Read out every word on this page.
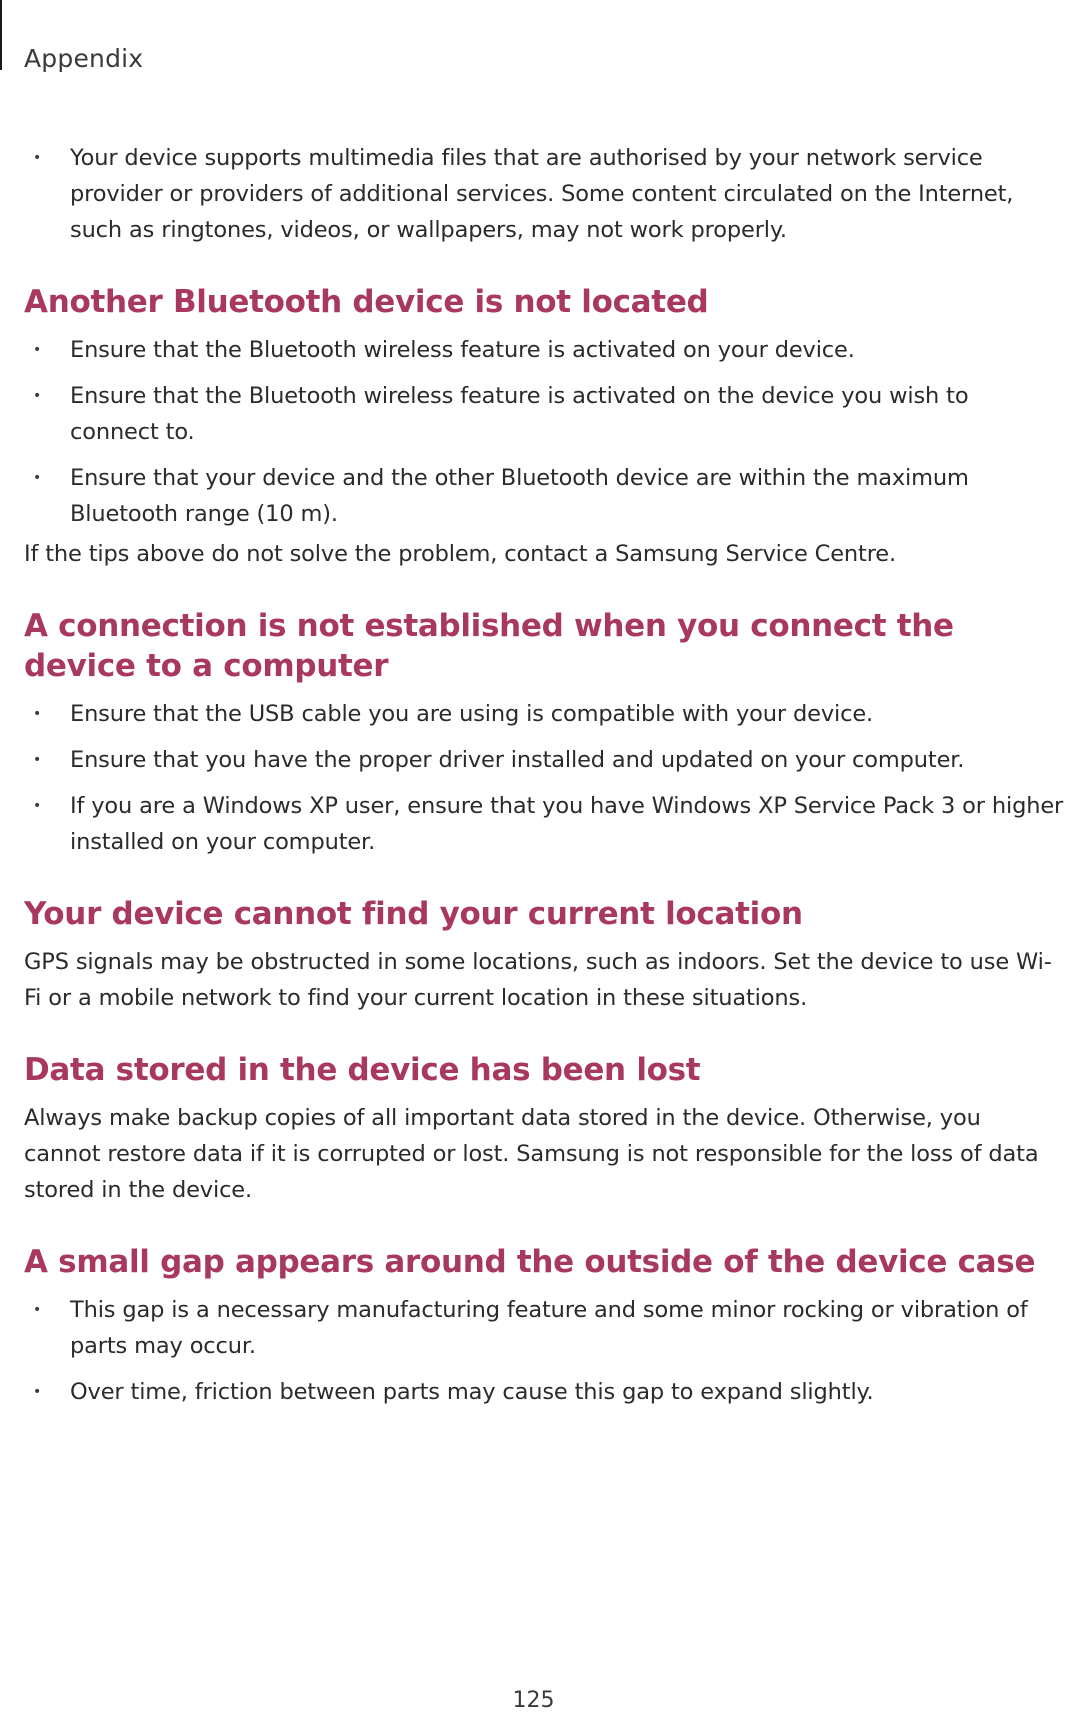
Appendix
• Your device supports multimedia files that are authorised by your network service provider or providers of additional services. Some content circulated on the Internet, such as ringtones, videos, or wallpapers, may not work properly.
Another Bluetooth device is not located
• Ensure that the Bluetooth wireless feature is activated on your device.
• Ensure that the Bluetooth wireless feature is activated on the device you wish to connect to.
• Ensure that your device and the other Bluetooth device are within the maximum Bluetooth range (10 m).

If the tips above do not solve the problem, contact a Samsung Service Centre.

A connection is not established when you connect the device to a computer
• Ensure that the USB cable you are using is compatible with your device.
• Ensure that you have the proper driver installed and updated on your computer.
• If you are a Windows XP user, ensure that you have Windows XP Service Pack 3 or higher installed on your computer.
Your device cannot find your current location

GPS signals may be obstructed in some locations, such as indoors. Set the device to use Wi-Fi or a mobile network to find your current location in these situations.

Data stored in the device has been lost

Always make backup copies of all important data stored in the device. Otherwise, you cannot restore data if it is corrupted or lost. Samsung is not responsible for the loss of data stored in the device.

A small gap appears around the outside of the device case
• This gap is a necessary manufacturing feature and some minor rocking or vibration of parts may occur.
• Over time, friction between parts may cause this gap to expand slightly.
125
